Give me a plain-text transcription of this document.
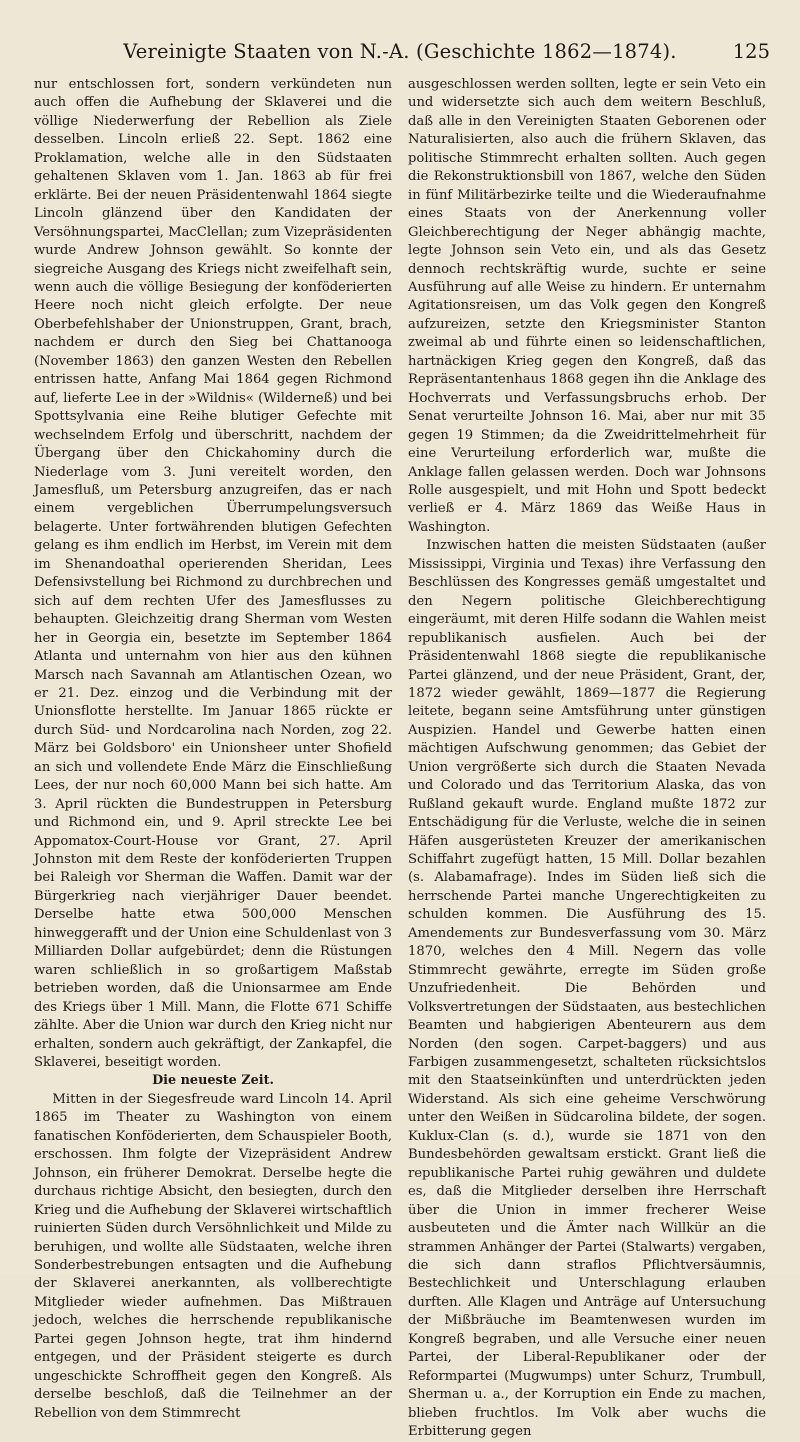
Vereinigte Staaten von N.-A. (Geschichte 1862—1874).	125

nur entschlossen fort, sondern verkündeten nun auch offen die Aufhebung der Sklaverei und die völlige Niederwerfung der Rebellion als Ziele desselben. Lincoln erließ 22. Sept. 1862 eine Proklamation, welche alle in den Südstaaten gehaltenen Sklaven vom 1. Jan. 1863 ab für frei erklärte. Bei der neuen Präsidentenwahl 1864 siegte Lincoln glänzend über den Kandidaten der Versöhnungspartei, MacClellan; zum Vizepräsidenten wurde Andrew Johnson gewählt. So konnte der siegreiche Ausgang des Kriegs nicht zweifelhaft sein, wenn auch die völlige Besiegung der konföderierten Heere noch nicht gleich erfolgte. Der neue Oberbefehlshaber der Unionstruppen, Grant, brach, nachdem er durch den Sieg bei Chattanooga (November 1863) den ganzen Westen den Rebellen entrissen hatte, Anfang Mai 1864 gegen Richmond auf, lieferte Lee in der »Wildnis« (Wilderneß) und bei Spottsylvania eine Reihe blutiger Gefechte mit wechselndem Erfolg und überschritt, nachdem der Übergang über den Chickahominy durch die Niederlage vom 3. Juni vereitelt worden, den Jamesfluß, um Petersburg anzugreifen, das er nach einem vergeblichen Überrumpelungsversuch belagerte. Unter fortwährenden blutigen Gefechten gelang es ihm endlich im Herbst, im Verein mit dem im Shenandoathal operierenden Sheridan, Lees Defensivstellung bei Richmond zu durchbrechen und sich auf dem rechten Ufer des Jamesflusses zu behaupten. Gleichzeitig drang Sherman vom Westen her in Georgia ein, besetzte im September 1864 Atlanta und unternahm von hier aus den kühnen Marsch nach Savannah am Atlantischen Ozean, wo er 21. Dez. einzog und die Verbindung mit der Unionsflotte herstellte. Im Januar 1865 rückte er durch Süd- und Nordcarolina nach Norden, zog 22. März bei Goldsboro' ein Unionsheer unter Shofield an sich und vollendete Ende März die Einschließung Lees, der nur noch 60,000 Mann bei sich hatte. Am 3. April rückten die Bundestruppen in Petersburg und Richmond ein, und 9. April streckte Lee bei Appomatox-Court-House vor Grant, 27. April Johnston mit dem Reste der konföderierten Truppen bei Raleigh vor Sherman die Waffen. Damit war der Bürgerkrieg nach vierjähriger Dauer beendet. Derselbe hatte etwa 500,000 Menschen hinweggerafft und der Union eine Schuldenlast von 3 Milliarden Dollar aufgebürdet; denn die Rüstungen waren schließlich in so großartigem Maßstab betrieben worden, daß die Unionsarmee am Ende des Kriegs über 1 Mill. Mann, die Flotte 671 Schiffe zählte. Aber die Union war durch den Krieg nicht nur erhalten, sondern auch gekräftigt, der Zankapfel, die Sklaverei, beseitigt worden.

Die neueste Zeit.

Mitten in der Siegesfreude ward Lincoln 14. April 1865 im Theater zu Washington von einem fanatischen Konföderierten, dem Schauspieler Booth, erschossen. Ihm folgte der Vizepräsident Andrew Johnson, ein früherer Demokrat. Derselbe hegte die durchaus richtige Absicht, den besiegten, durch den Krieg und die Aufhebung der Sklaverei wirtschaftlich ruinierten Süden durch Versöhnlichkeit und Milde zu beruhigen, und wollte alle Südstaaten, welche ihren Sonderbestrebungen entsagten und die Aufhebung der Sklaverei anerkannten, als vollberechtigte Mitglieder wieder aufnehmen. Das Mißtrauen jedoch, welches die herrschende republikanische Partei gegen Johnson hegte, trat ihm hindernd entgegen, und der Präsident steigerte es durch ungeschickte Schroffheit gegen den Kongreß. Als derselbe beschloß, daß die Teilnehmer an der Rebellion von dem Stimmrecht

ausgeschlossen werden sollten, legte er sein Veto ein und widersetzte sich auch dem weitern Beschluß, daß alle in den Vereinigten Staaten Geborenen oder Naturalisierten, also auch die frühern Sklaven, das politische Stimmrecht erhalten sollten. Auch gegen die Rekonstruktionsbill von 1867, welche den Süden in fünf Militärbezirke teilte und die Wiederaufnahme eines Staats von der Anerkennung voller Gleichberechtigung der Neger abhängig machte, legte Johnson sein Veto ein, und als das Gesetz dennoch rechtskräftig wurde, suchte er seine Ausführung auf alle Weise zu hindern. Er unternahm Agitationsreisen, um das Volk gegen den Kongreß aufzureizen, setzte den Kriegsminister Stanton zweimal ab und führte einen so leidenschaftlichen, hartnäckigen Krieg gegen den Kongreß, daß das Repräsentantenhaus 1868 gegen ihn die Anklage des Hochverrats und Verfassungsbruchs erhob. Der Senat verurteilte Johnson 16. Mai, aber nur mit 35 gegen 19 Stimmen; da die Zweidrittelmehrheit für eine Verurteilung erforderlich war, mußte die Anklage fallen gelassen werden. Doch war Johnsons Rolle ausgespielt, und mit Hohn und Spott bedeckt verließ er 4. März 1869 das Weiße Haus in Washington.

Inzwischen hatten die meisten Südstaaten (außer Mississippi, Virginia und Texas) ihre Verfassung den Beschlüssen des Kongresses gemäß umgestaltet und den Negern politische Gleichberechtigung eingeräumt, mit deren Hilfe sodann die Wahlen meist republikanisch ausfielen. Auch bei der Präsidentenwahl 1868 siegte die republikanische Partei glänzend, und der neue Präsident, Grant, der, 1872 wieder gewählt, 1869—1877 die Regierung leitete, begann seine Amtsführung unter günstigen Auspizien. Handel und Gewerbe hatten einen mächtigen Aufschwung genommen; das Gebiet der Union vergrößerte sich durch die Staaten Nevada und Colorado und das Territorium Alaska, das von Rußland gekauft wurde. England mußte 1872 zur Entschädigung für die Verluste, welche die in seinen Häfen ausgerüsteten Kreuzer der amerikanischen Schiffahrt zugefügt hatten, 15 Mill. Dollar bezahlen (s. Alabamafrage). Indes im Süden ließ sich die herrschende Partei manche Ungerechtigkeiten zu schulden kommen. Die Ausführung des 15. Amendements zur Bundesverfassung vom 30. März 1870, welches den 4 Mill. Negern das volle Stimmrecht gewährte, erregte im Süden große Unzufriedenheit. Die Behörden und Volksvertretungen der Südstaaten, aus bestechlichen Beamten und habgierigen Abenteurern aus dem Norden (den sogen. Carpet-baggers) und aus Farbigen zusammengesetzt, schalteten rücksichtslos mit den Staatseinkünften und unterdrückten jeden Widerstand. Als sich eine geheime Verschwörung unter den Weißen in Südcarolina bildete, der sogen. Kuklux-Clan (s. d.), wurde sie 1871 von den Bundesbehörden gewaltsam erstickt. Grant ließ die republikanische Partei ruhig gewähren und duldete es, daß die Mitglieder derselben ihre Herrschaft über die Union in immer frecherer Weise ausbeuteten und die Ämter nach Willkür an die strammen Anhänger der Partei (Stalwarts) vergaben, die sich dann straflos Pflichtversäumnis, Bestechlichkeit und Unterschlagung erlauben durften. Alle Klagen und Anträge auf Untersuchung der Mißbräuche im Beamtenwesen wurden im Kongreß begraben, und alle Versuche einer neuen Partei, der Liberal-Republikaner oder der Reformpartei (Mugwumps) unter Schurz, Trumbull, Sherman u. a., der Korruption ein Ende zu machen, blieben fruchtlos. Im Volk aber wuchs die Erbitterung gegen
